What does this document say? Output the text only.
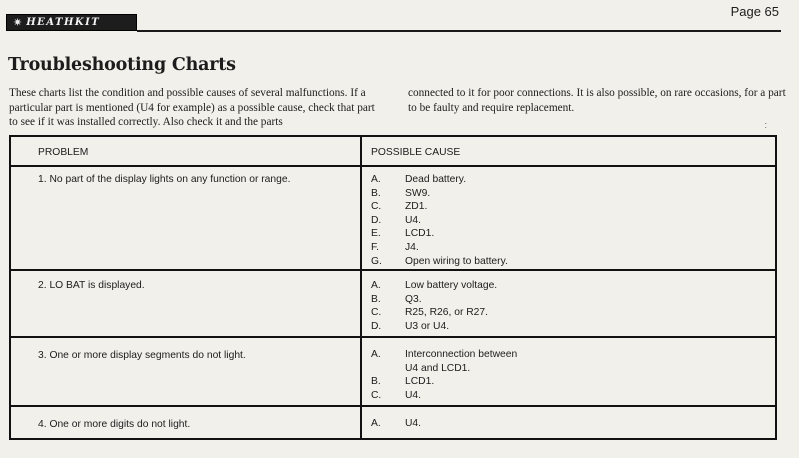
✷ HEATHKIT
Page 65
Troubleshooting Charts

These charts list the condition and possible causes of several malfunctions. If a particular part is mentioned (U4 for example) as a possible cause, check that part to see if it was installed correctly. Also check it and the parts

connected to it for poor connections. It is also possible, on rare occasions, for a part to be faulty and require replacement.

:
PROBLEM	POSSIBLE CAUSE
1. No part of the display lights on any function or range.	A.	Dead battery.
B.	SW9.
C.	ZD1.
D.	U4.
E.	LCD1.
F.	J4.
G.	Open wiring to battery.
2. LO BAT is displayed.	A.	Low battery voltage.
B.	Q3.
C.	R25, R26, or R27.
D.	U3 or U4.
3. One or more display segments do not light.	A.	Interconnection between
U4 and LCD1.
B.	LCD1.
C.	U4.
4. One or more digits do not light.	A.	U4.
